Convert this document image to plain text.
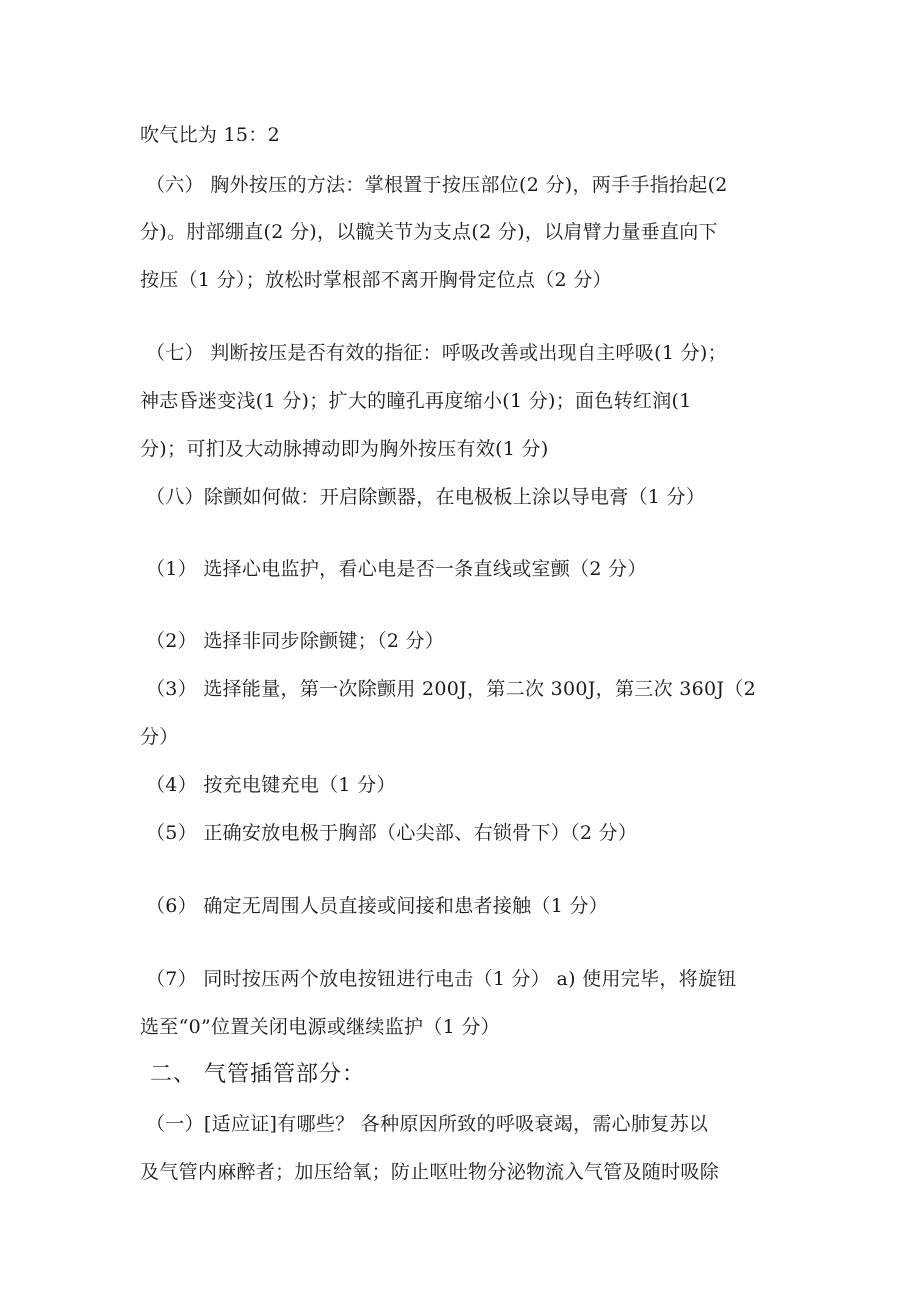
吹气比为 15：2
（六） 胸外按压的方法：掌根置于按压部位(2 分)，两手手指抬起(2
分)。肘部绷直(2 分)，以髋关节为支点(2 分)，以肩臂力量垂直向下
按压（1 分）；放松时掌根部不离开胸骨定位点（2 分）
（七） 判断按压是否有效的指征：呼吸改善或出现自主呼吸(1 分)；
神志昏迷变浅(1 分)；扩大的瞳孔再度缩小(1 分)；面色转红润(1
分)；可扪及大动脉搏动即为胸外按压有效(1 分)
（八）除颤如何做：开启除颤器，在电极板上涂以导电膏（1 分）
（1） 选择心电监护，看心电是否一条直线或室颤（2 分）
（2） 选择非同步除颤键；（2 分）
（3） 选择能量，第一次除颤用 200J，第二次 300J，第三次 360J（2
分）
（4） 按充电键充电（1 分）
（5） 正确安放电极于胸部（心尖部、右锁骨下）（2 分）
（6） 确定无周围人员直接或间接和患者接触（1 分）
（7） 同时按压两个放电按钮进行电击（1 分） a) 使用完毕，将旋钮
选至“0”位置关闭电源或继续监护（1 分）
二、 气管插管部分：
（一）[适应证]有哪些？ 各种原因所致的呼吸衰竭，需心肺复苏以
及气管内麻醉者；加压给氧；防止呕吐物分泌物流入气管及随时吸除
